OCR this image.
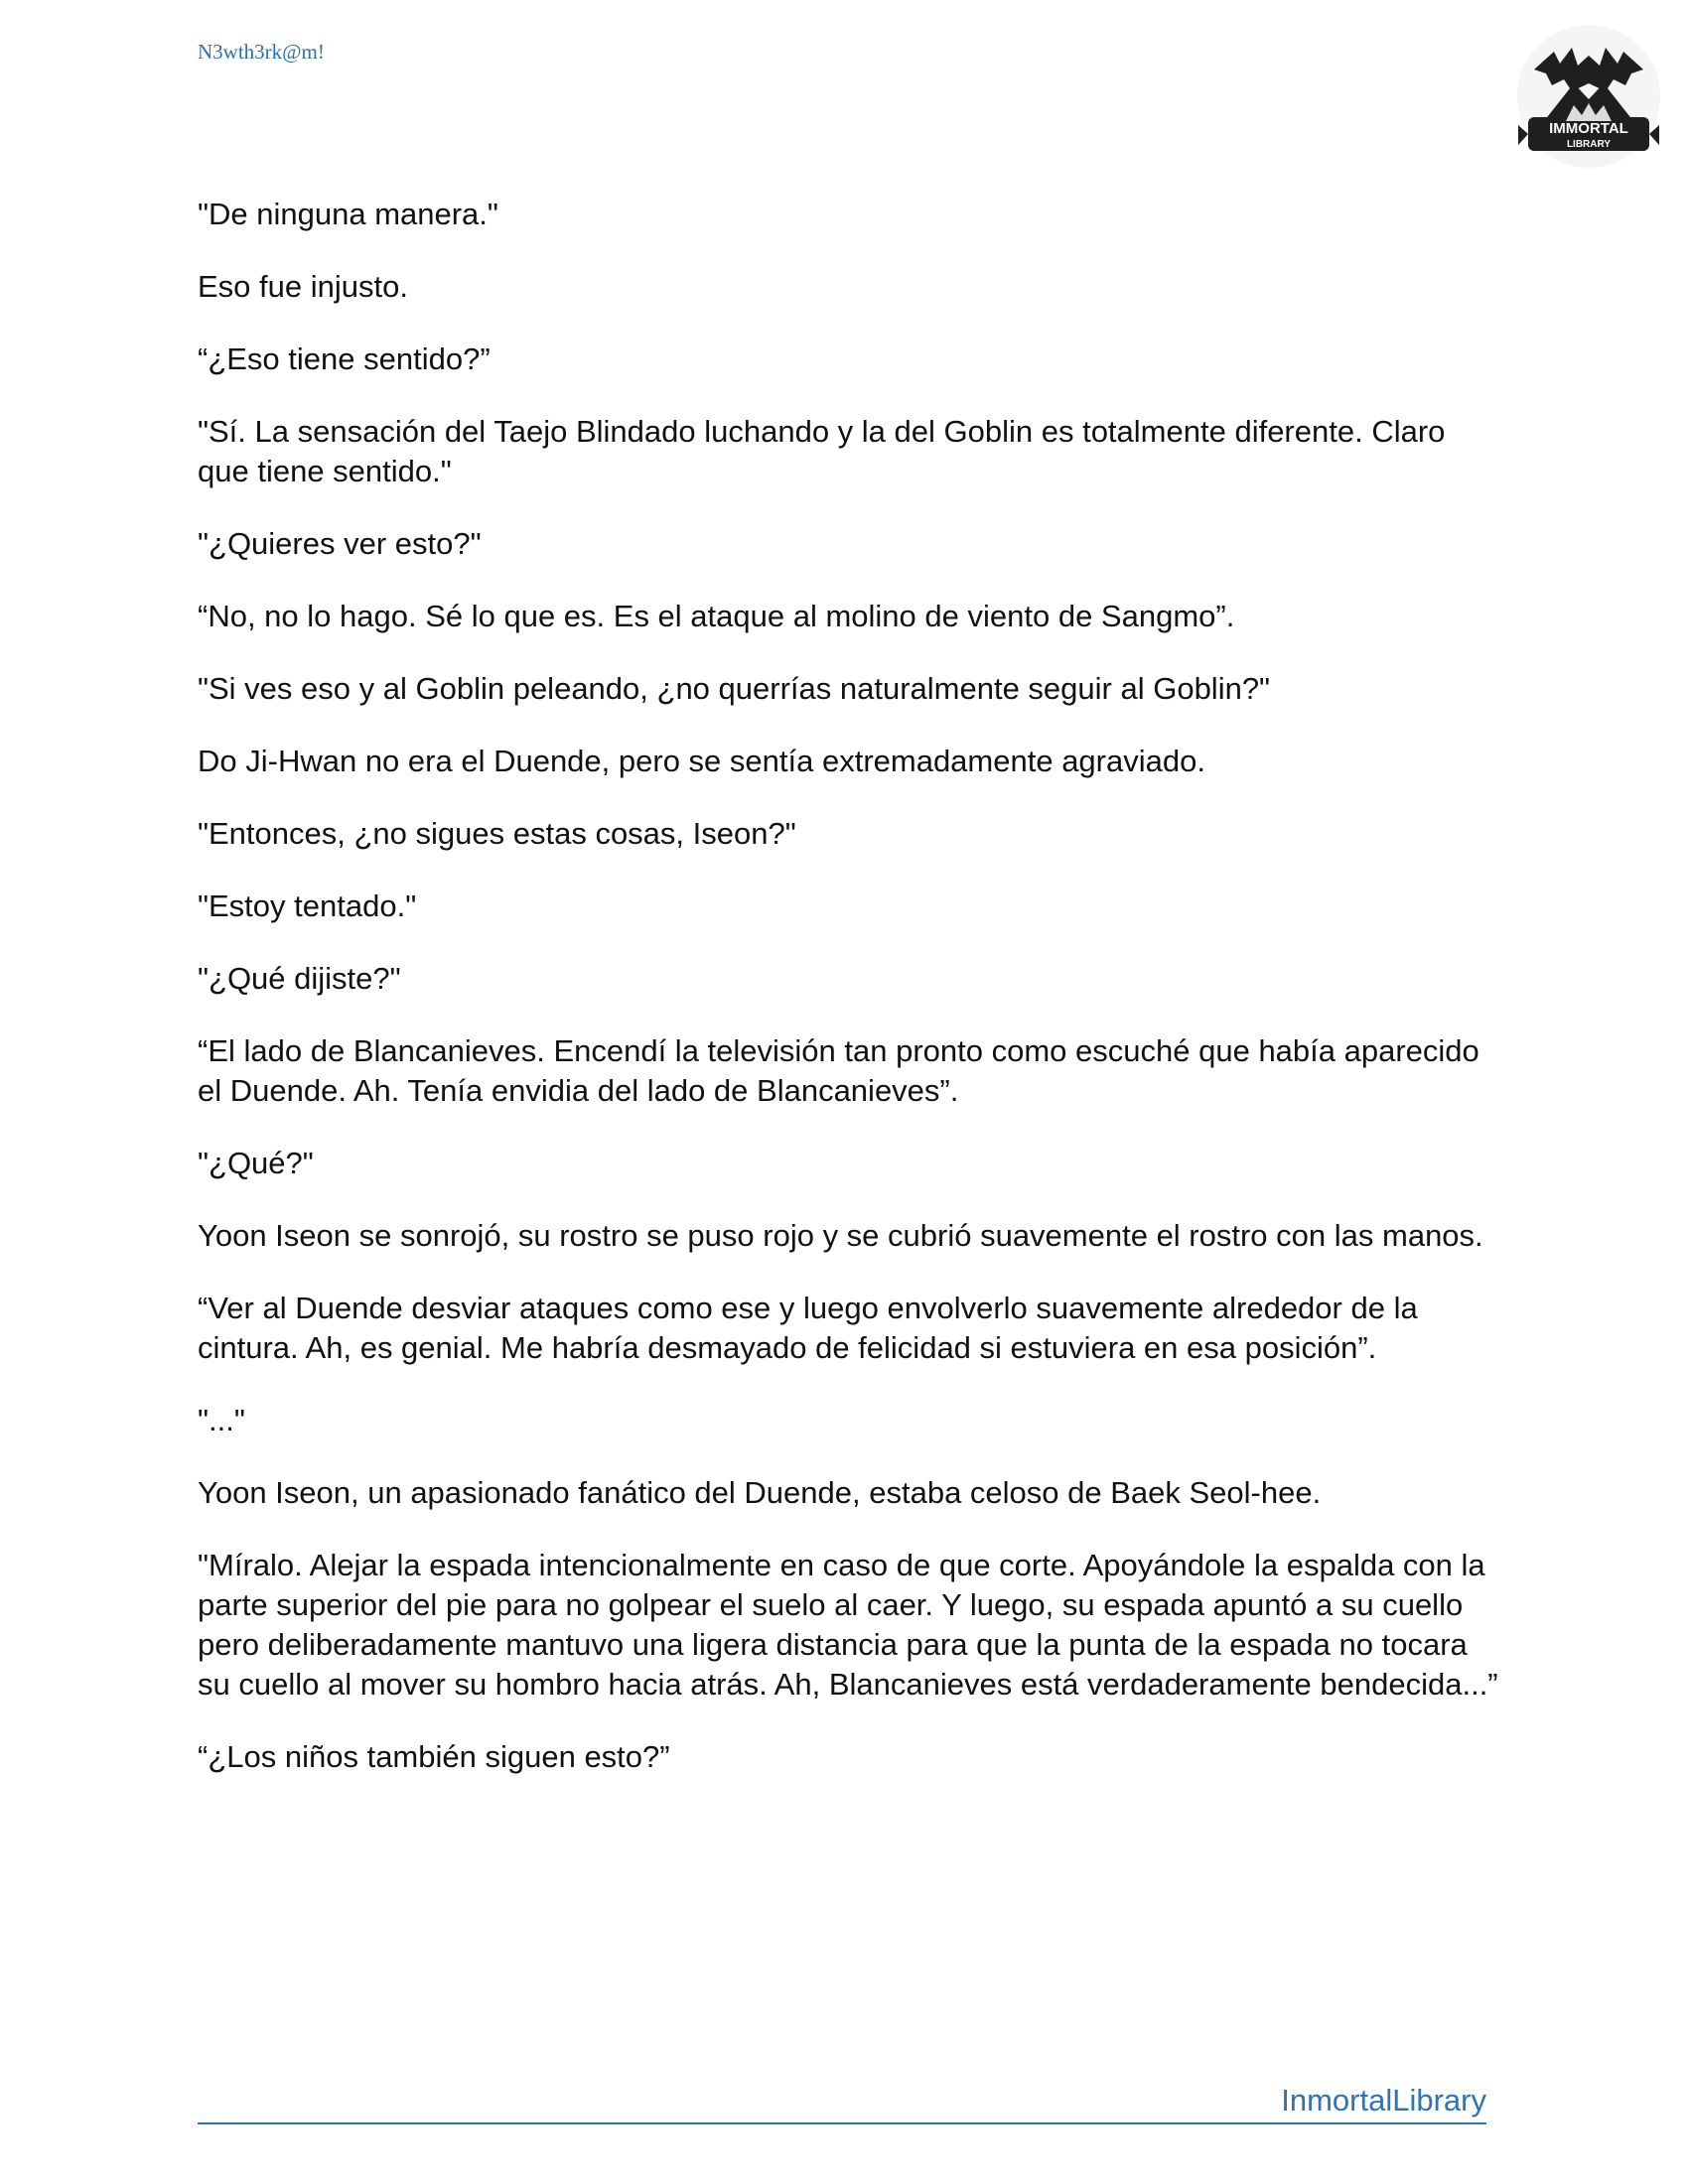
N3wth3rk@m!
IMMORTAL
LIBRARY

"De ninguna manera."

Eso fue injusto.

“¿Eso tiene sentido?”

"Sí. La sensación del Taejo Blindado luchando y la del Goblin es totalmente diferente. Claro que tiene sentido."

"¿Quieres ver esto?"

“No, no lo hago. Sé lo que es. Es el ataque al molino de viento de Sangmo”.

"Si ves eso y al Goblin peleando, ¿no querrías naturalmente seguir al Goblin?"

Do Ji-Hwan no era el Duende, pero se sentía extremadamente agraviado.

"Entonces, ¿no sigues estas cosas, Iseon?"

"Estoy tentado."

"¿Qué dijiste?"

“El lado de Blancanieves. Encendí la televisión tan pronto como escuché que había aparecido el Duende. Ah. Tenía envidia del lado de Blancanieves”.

"¿Qué?"

Yoon Iseon se sonrojó, su rostro se puso rojo y se cubrió suavemente el rostro con las manos.

“Ver al Duende desviar ataques como ese y luego envolverlo suavemente alrededor de la cintura. Ah, es genial. Me habría desmayado de felicidad si estuviera en esa posición”.

"..."

Yoon Iseon, un apasionado fanático del Duende, estaba celoso de Baek Seol-hee.

"Míralo. Alejar la espada intencionalmente en caso de que corte. Apoyándole la espalda con la parte superior del pie para no golpear el suelo al caer. Y luego, su espada apuntó a su cuello pero deliberadamente mantuvo una ligera distancia para que la punta de la espada no tocara su cuello al mover su hombro hacia atrás. Ah, Blancanieves está verdaderamente bendecida...”

“¿Los niños también siguen esto?”

InmortalLibrary
